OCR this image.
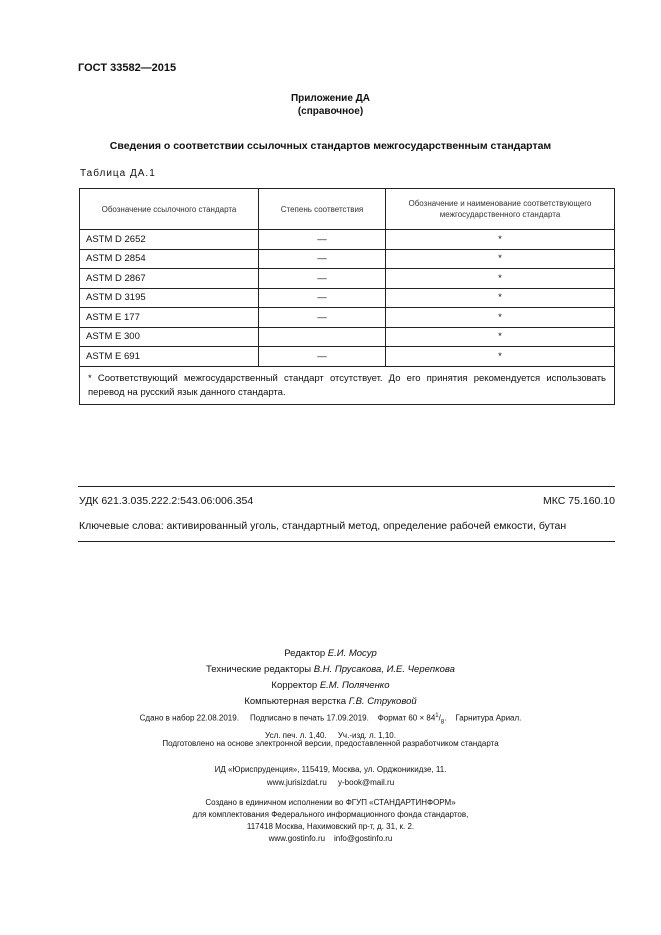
ГОСТ 33582—2015
Приложение ДА
(справочное)
Сведения о соответствии ссылочных стандартов межгосударственным стандартам
Таблица ДА.1
Обозначение ссылочного стандарта	Степень соответствия	Обозначение и наименование соответствующего межгосударственного стандарта
ASTM D 2652	—	*
ASTM D 2854	—	*
ASTM D 2867	—	*
ASTM D 3195	—	*
ASTM E 177	—	*
ASTM E 300		*
ASTM E 691	—	*
* Соответствующий межгосударственный стандарт отсутствует. До его принятия рекомендуется использовать перевод на русский язык данного стандарта.		
УДК 621.3.035.222.2:543.06:006.354	МКС 75.160.10
Ключевые слова: активированный уголь, стандартный метод, определение рабочей емкости, бутан
Редактор Е.И. Мосур
Технические редакторы В.Н. Прусакова, И.Е. Черепкова
Корректор Е.М. Поляченко
Компьютерная верстка Г.В. Струковой
Сдано в набор 22.08.2019. Подписано в печать 17.09.2019. Формат $60 \times 84^1/_8$.    Гарнитура Ариал.
Усл. печ. л. 1,40. Уч.-изд. л. 1,10.
Подготовлено на основе электронной версии, предоставленной разработчиком стандарта
ИД «Юриспруденция», 115419, Москва, ул. Орджоникидзе, 11.
www.jurisizdat.ru y-book@mail.ru
Создано в единичном исполнении во ФГУП «СТАНДАРТИНФОРМ»
для комплектования Федерального информационного фонда стандартов,
117418 Москва, Нахимовский пр-т, д. 31, к. 2.
www.gostinfo.ru info@gostinfo.ru
